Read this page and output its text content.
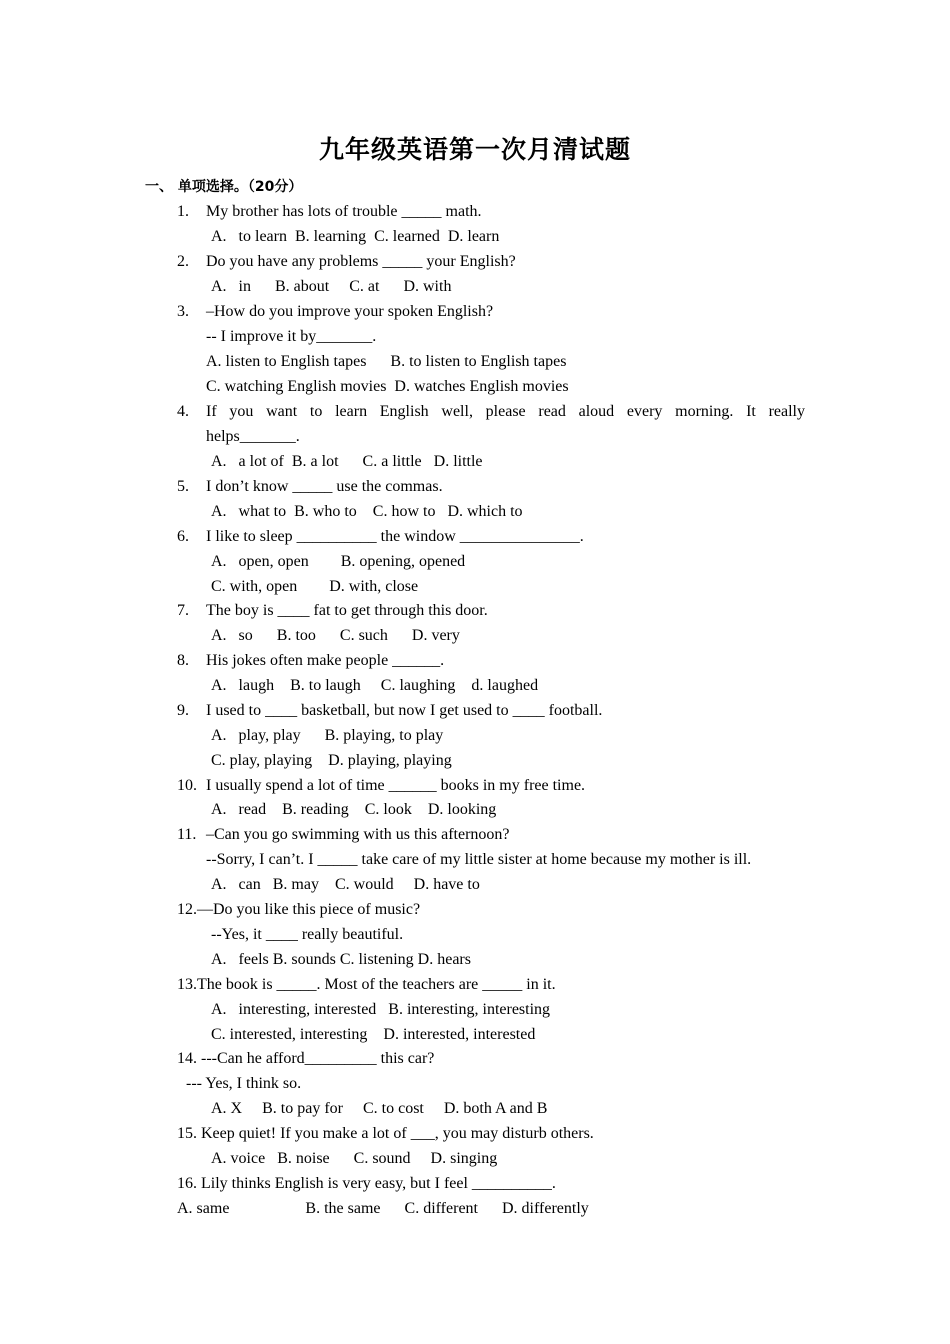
九年级英语第一次月清试题
一、 单项选择。（20分）
If you want to learn English well, please read aloud every morning. It really
1. My brother has lots of trouble _____ math.
A.   to learn  B. learning  C. learned  D. learn
2. Do you have any problems _____ your English?
A.   in      B. about     C. at      D. with
3. –How do you improve your spoken English?
-- I improve it by_______.
A. listen to English tapes      B. to listen to English tapes
C. watching English movies  D. watches English movies
4.
helps_______.
A.   a lot of  B. a lot      C. a little   D. little
5. I don’t know _____ use the commas.
A.   what to  B. who to    C. how to   D. which to
6. I like to sleep __________ the window _______________.
A.   open, open        B. opening, opened
C. with, open        D. with, close
7. The boy is ____ fat to get through this door.
A.   so      B. too      C. such      D. very
8. His jokes often make people ______.
A.   laugh    B. to laugh     C. laughing    d. laughed
9. I used to ____ basketball, but now I get used to ____ football.
A.   play, play      B. playing, to play
C. play, playing    D. playing, playing
10. I usually spend a lot of time ______ books in my free time.
A.   read    B. reading    C. look    D. looking
11. –Can you go swimming with us this afternoon?
--Sorry, I can’t. I _____ take care of my little sister at home because my mother is ill.
A.   can   B. may    C. would     D. have to
12.—Do you like this piece of music?
--Yes, it ____ really beautiful.
A.   feels B. sounds C. listening D. hears
13.The book is _____. Most of the teachers are _____ in it.
A.   interesting, interested   B. interesting, interesting
C. interested, interesting    D. interested, interested
14. ---Can he afford_________ this car?
--- Yes, I think so.
A. X     B. to pay for     C. to cost     D. both A and B
15. Keep quiet! If you make a lot of ___, you may disturb others.
A. voice   B. noise      C. sound     D. singing
16. Lily thinks English is very easy, but I feel __________.
A. same                   B. the same      C. different      D. differently
